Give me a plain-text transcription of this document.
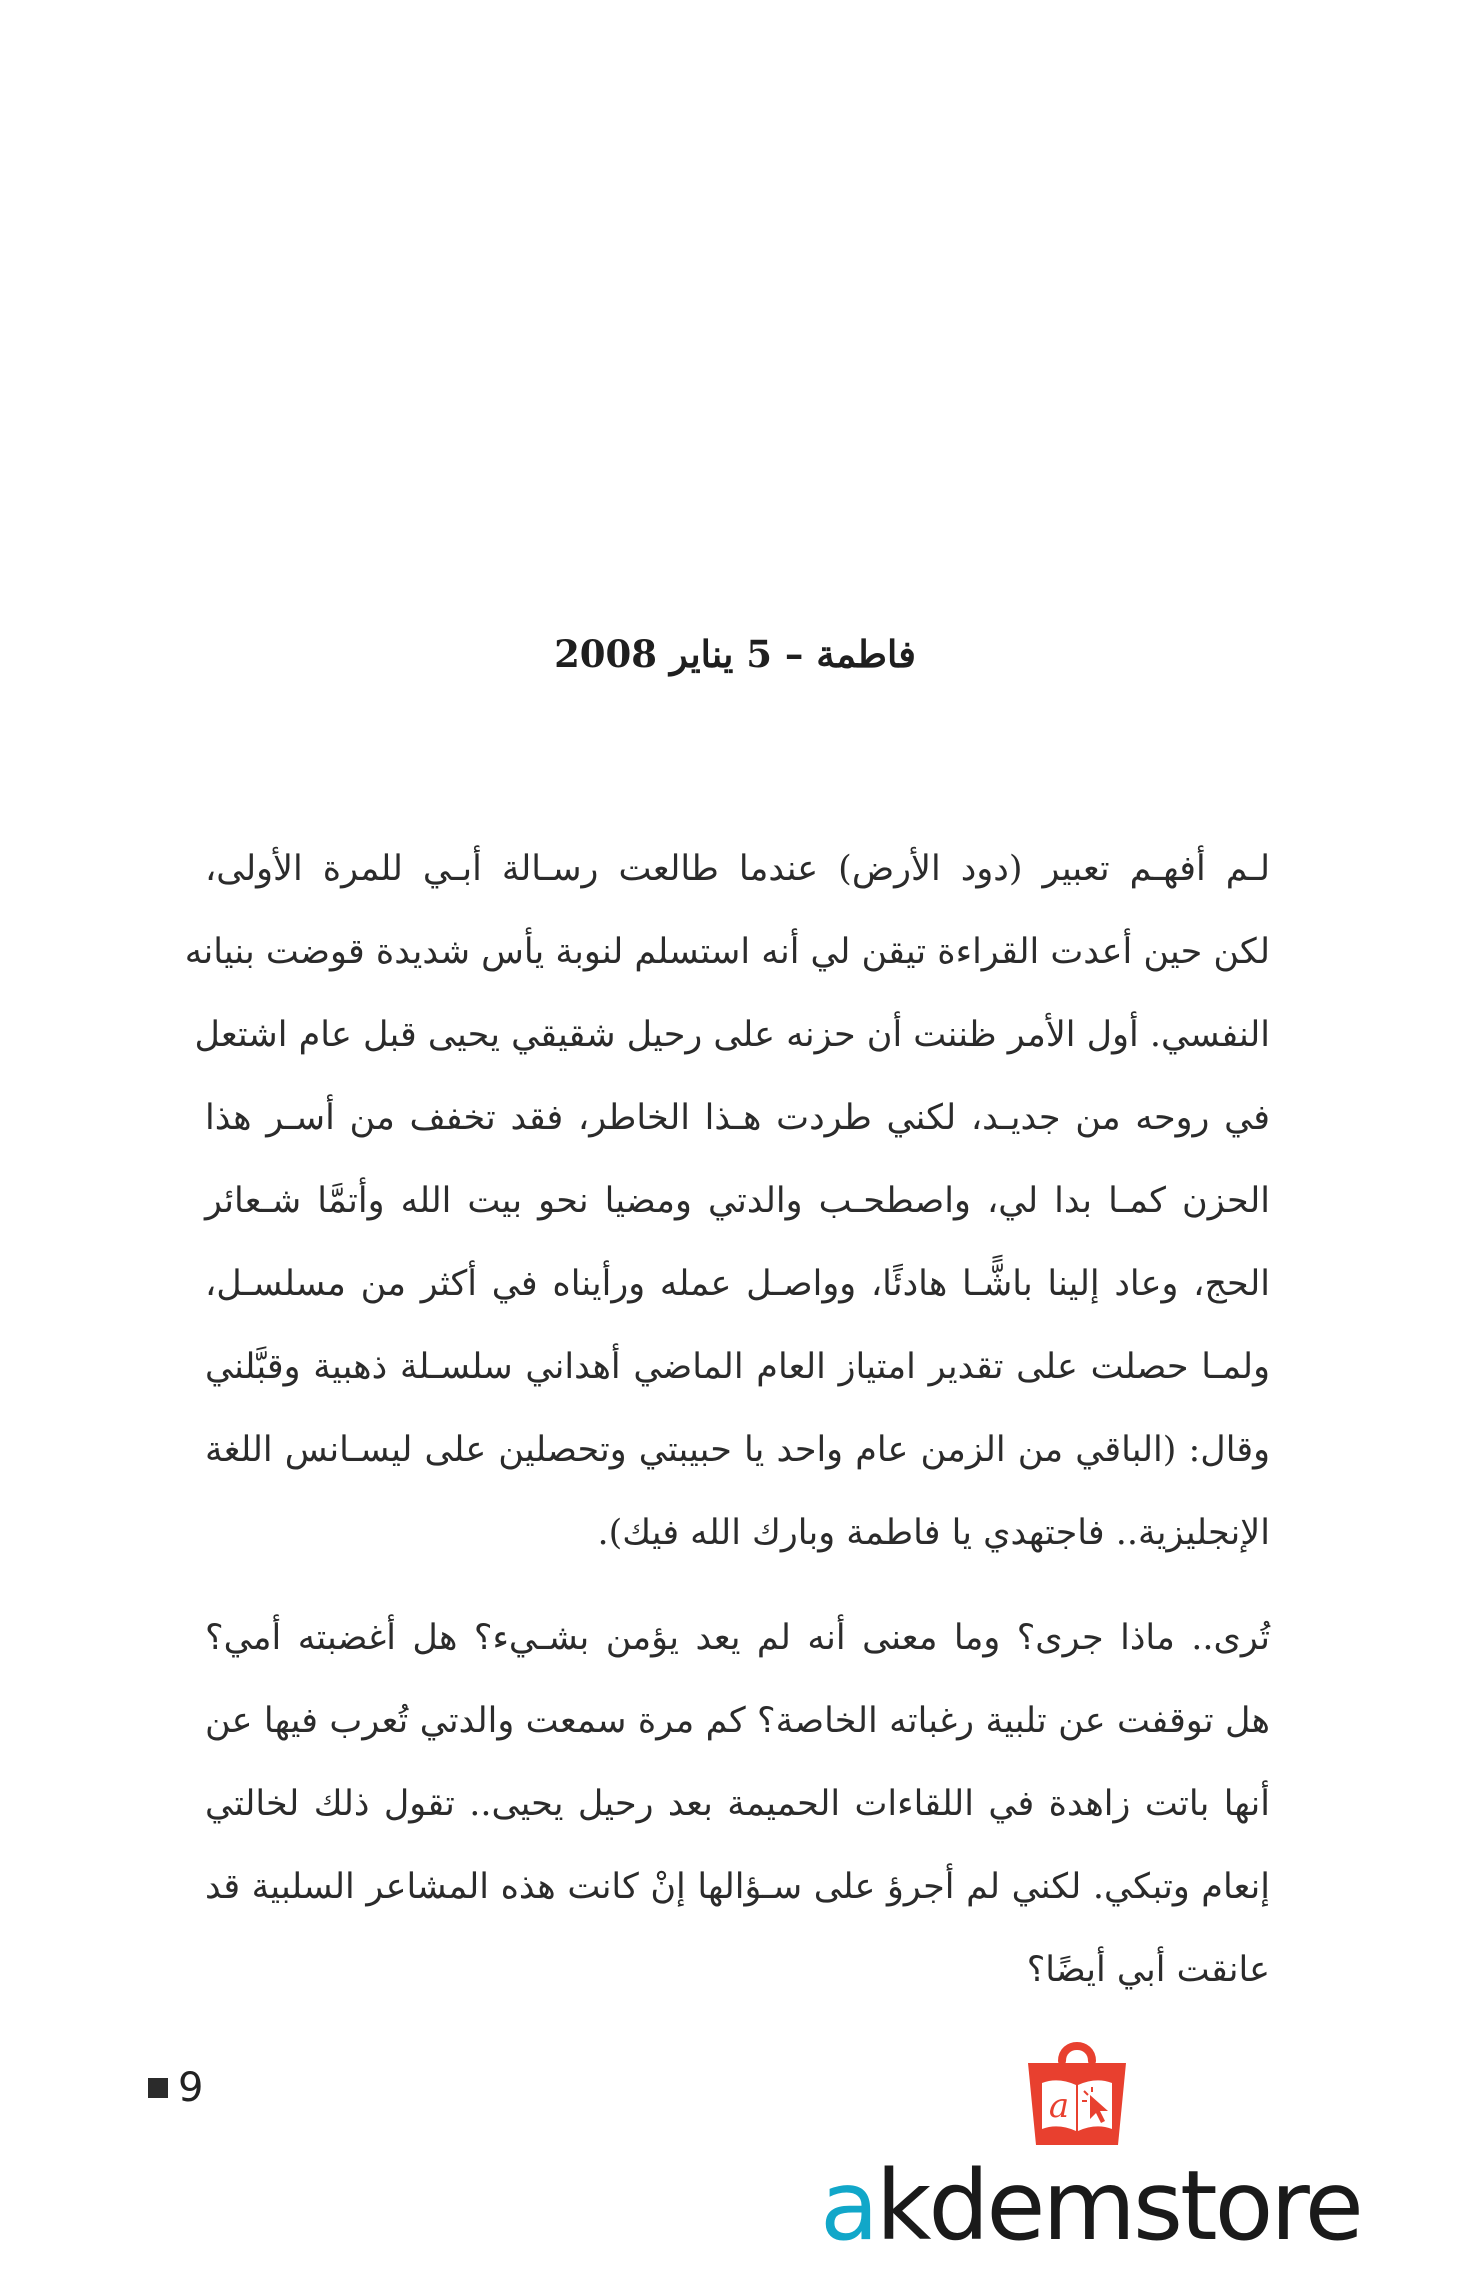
فاطمة – 5 يناير 2008

لـم أفهـم تعبير (دود الأرض) عندما طالعت رسـالة أبـي للمرة الأولى،
لكن حين أعدت القراءة تيقن لي أنه استسلم لنوبة يأس شديدة قوضت بنيانه
النفسي. أول الأمر ظننت أن حزنه على رحيل شقيقي يحيى قبل عام اشتعل
في روحه من جديـد، لكني طردت هـذا الخاطر، فقد تخفف من أسـر هذا
الحزن كمـا بدا لي، واصطحـب والدتي ومضيا نحو بيت الله وأتمَّا شـعائر
الحج، وعاد إلينا باشًّـا هادئًا، وواصـل عمله ورأيناه في أكثر من مسلسـل،
ولمـا حصلت على تقدير امتياز العام الماضي أهداني سلسـلة ذهبية وقبَّلني
وقال: (الباقي من الزمن عام واحد يا حبيبتي وتحصلين على ليسـانس اللغة
الإنجليزية.. فاجتهدي يا فاطمة وبارك الله فيك).

تُرى.. ماذا جرى؟ وما معنى أنه لم يعد يؤمن بشـيء؟ هل أغضبته أمي؟
هل توقفت عن تلبية رغباته الخاصة؟ كم مرة سمعت والدتي تُعرب فيها عن
أنها باتت زاهدة في اللقاءات الحميمة بعد رحيل يحيى.. تقول ذلك لخالتي
إنعام وتبكي. لكني لم أجرؤ على سـؤالها إنْ كانت هذه المشاعر السلبية قد
عانقت أبي أيضًا؟

9	a
akdemstore
